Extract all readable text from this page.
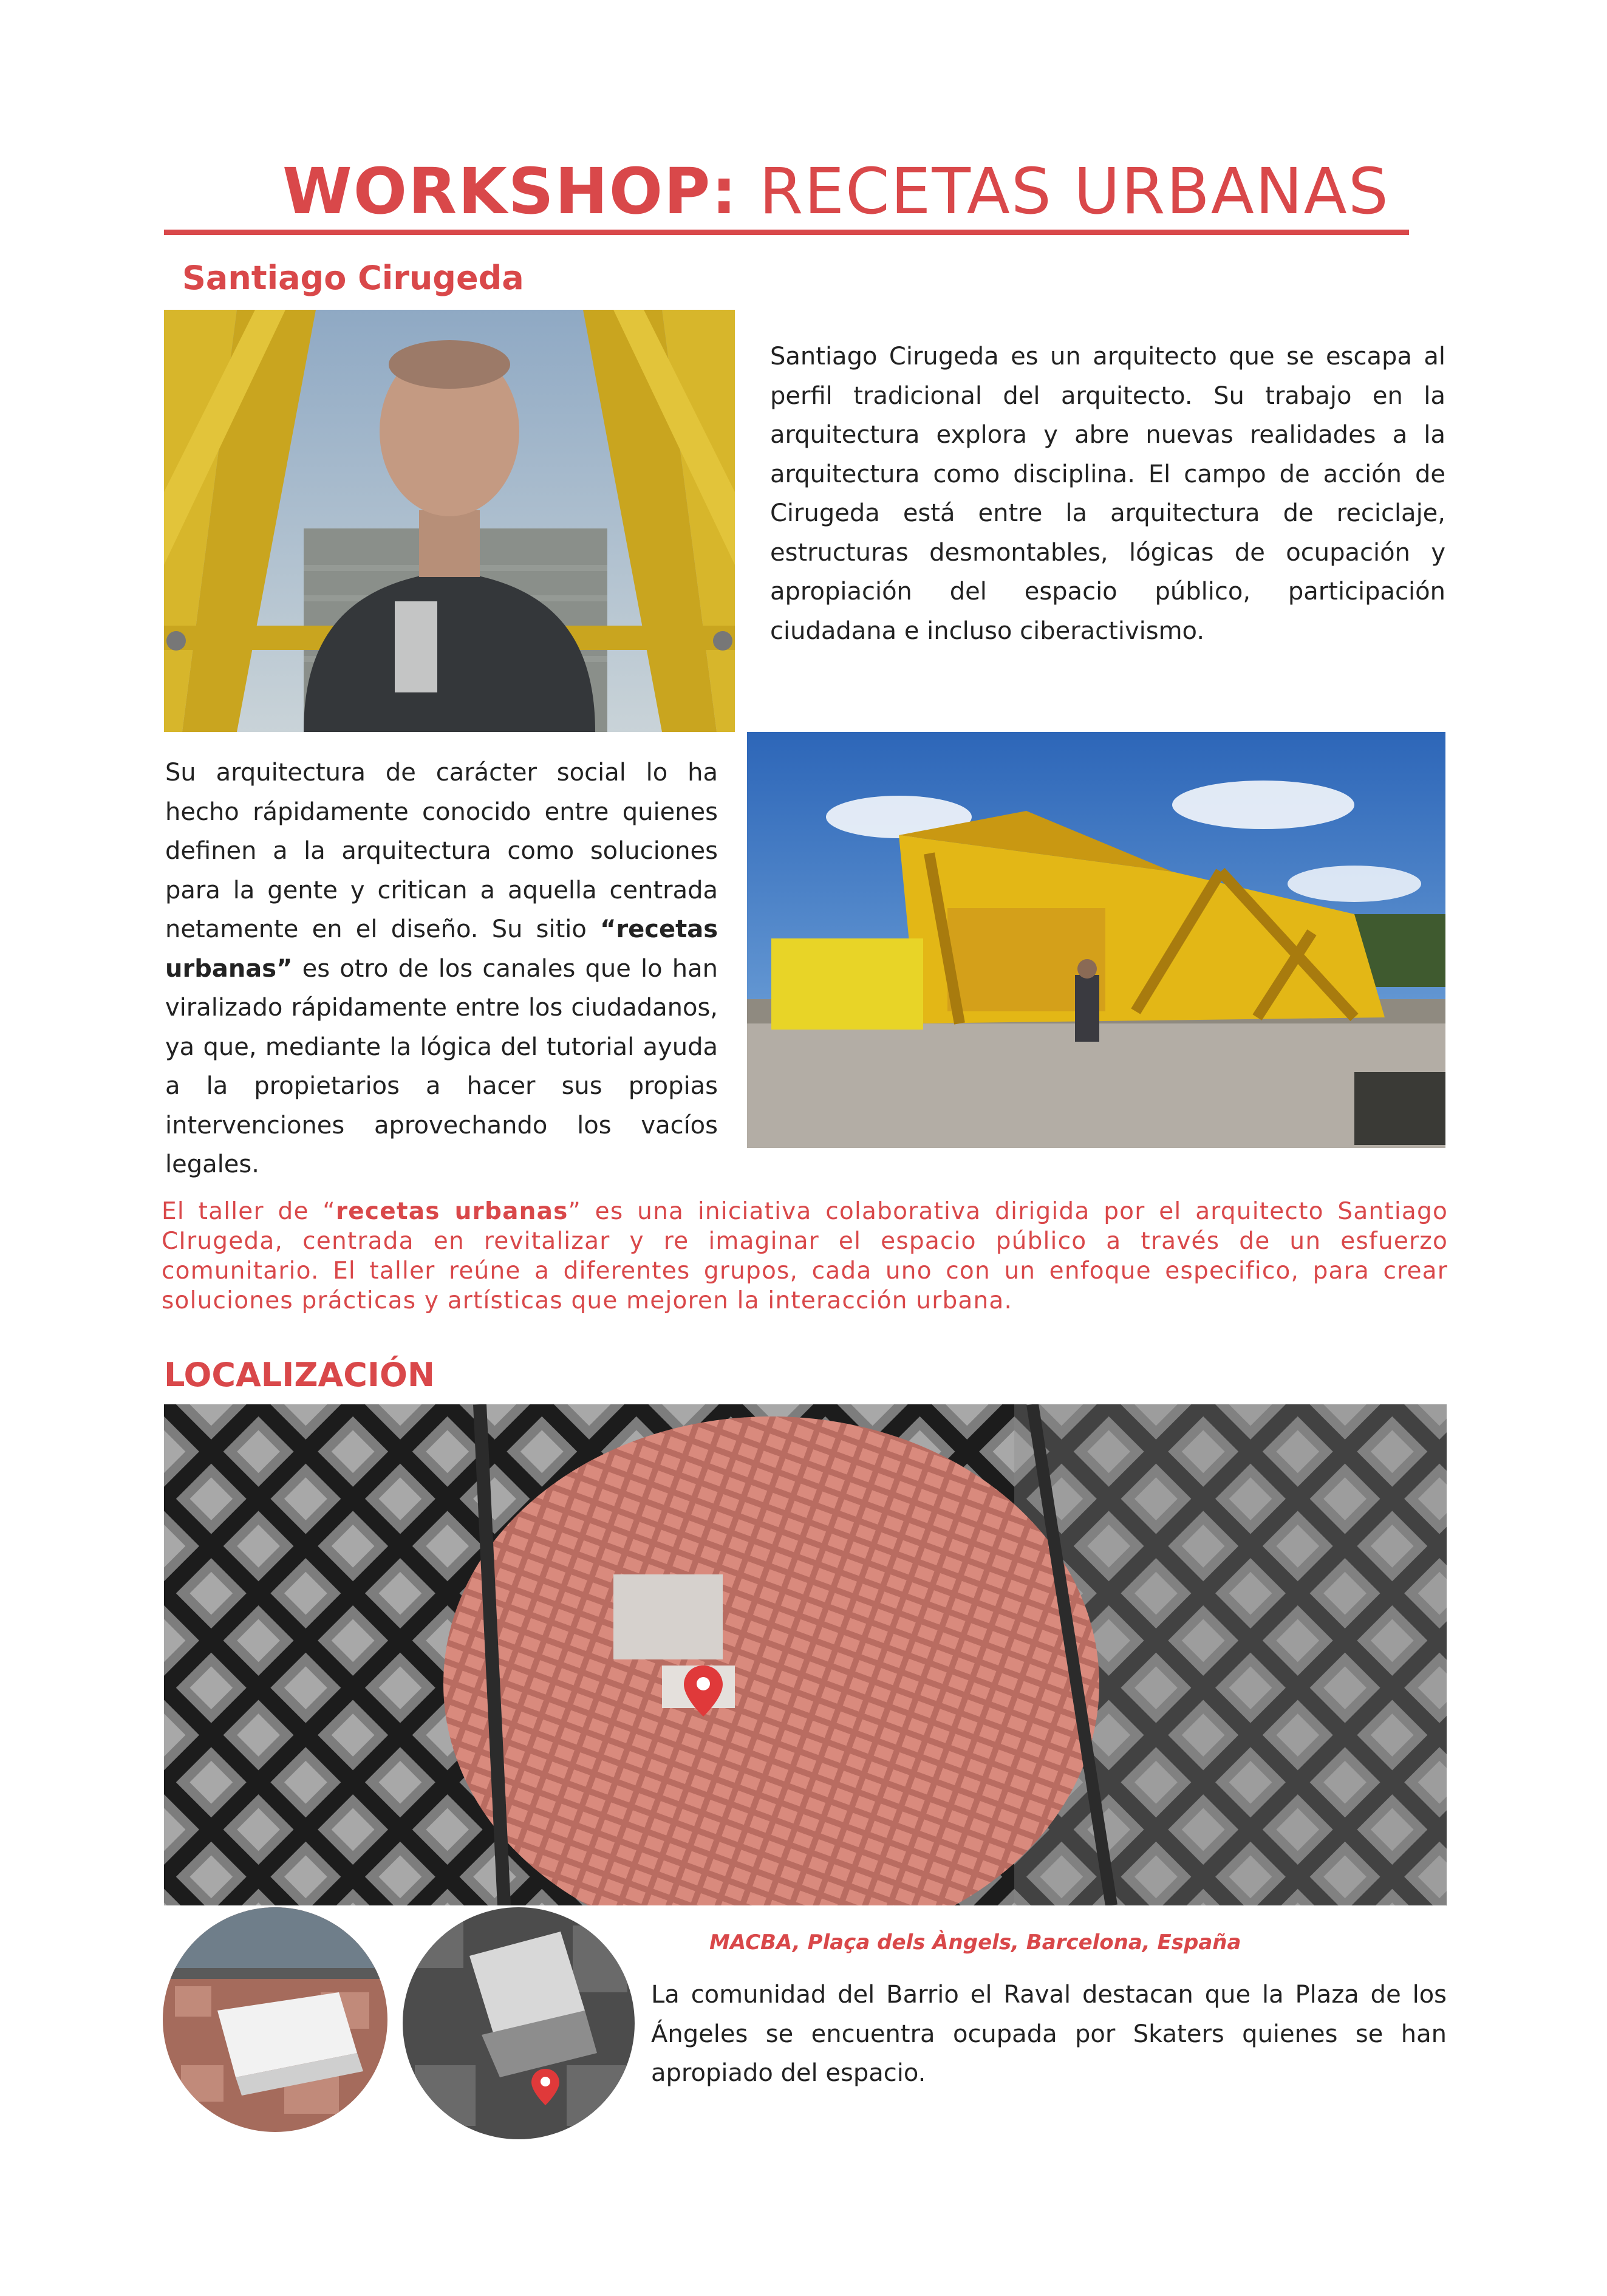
WORKSHOP: RECETAS URBANAS
Santiago Cirugeda
Santiago Cirugeda es un arquitecto que se escapa al perfil tradicional del arquitecto. Su trabajo en la arquitectura explora y abre nuevas realidades a la arquitectura como disciplina. El campo de acción de Cirugeda está entre la arquitectura de reciclaje, estructuras desmontables, lógicas de ocupación y apropiación del espacio público, participación ciudadana e incluso ciberactivismo.
Su arquitectura de carácter social lo ha hecho rápidamente conocido entre quienes definen a la arquitectura como soluciones para la gente y critican a aquella centrada netamente en el diseño. Su sitio “recetas urbanas” es otro de los canales que lo han viralizado rápidamente entre los ciudadanos, ya que, mediante la lógica del tutorial ayuda a la propietarios a hacer sus propias intervenciones aprovechando los vacíos legales.
El taller de “recetas urbanas” es una iniciativa colaborativa dirigida por el arquitecto Santiago CIrugeda, centrada en revitalizar y re imaginar el espacio público a través de un esfuerzo comunitario. El taller reúne a diferentes grupos, cada uno con un enfoque especifico, para crear soluciones prácticas y artísticas que mejoren la interacción urbana.
LOCALIZACIÓN
MACBA, Plaça dels Àngels, Barcelona, España
La comunidad del Barrio el Raval destacan que la Plaza de los Ángeles se encuentra ocupada por Skaters quienes se han apropiado del espacio.
